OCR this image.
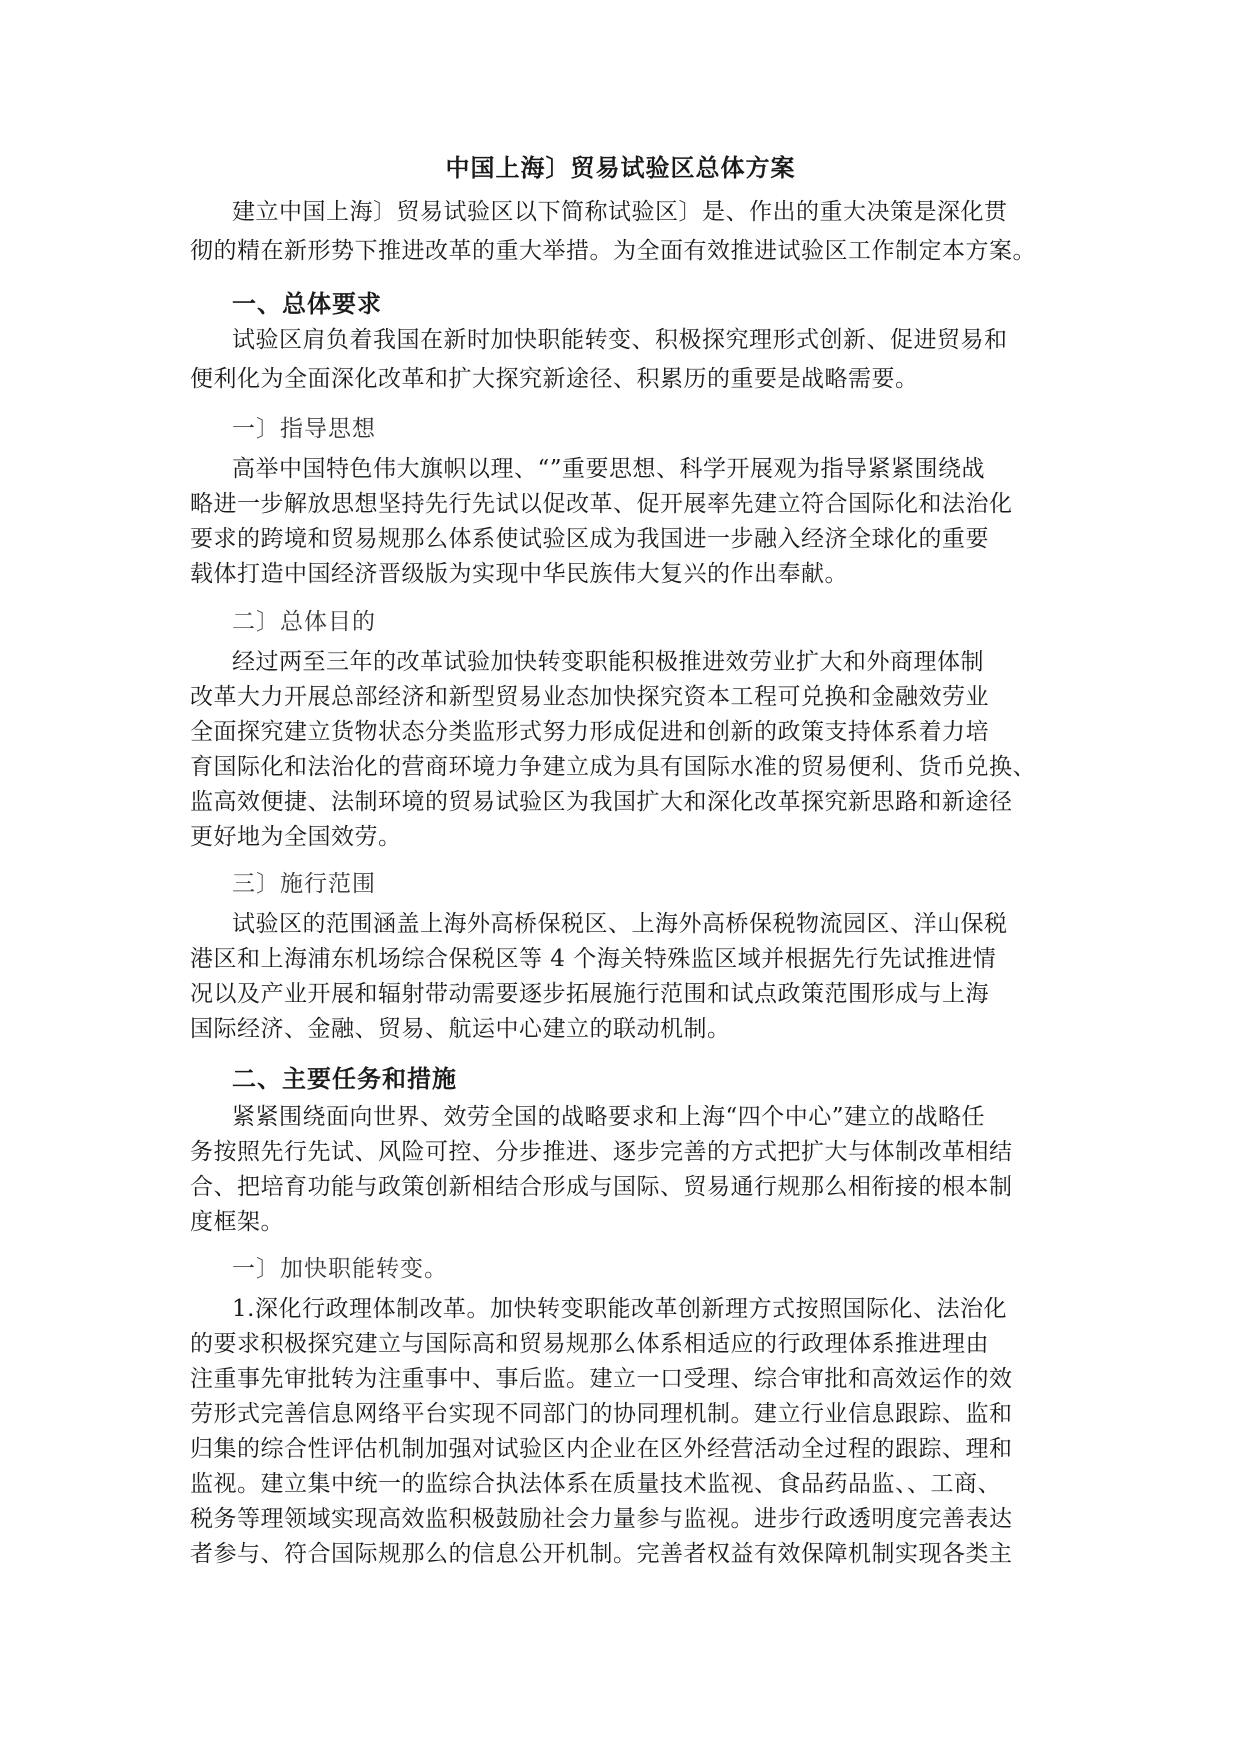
中国上海〕贸易试验区总体方案
建立中国上海〕贸易试验区以下简称试验区〕是、作出的重大决策是深化贯
彻的精在新形势下推进改革的重大举措。为全面有效推进试验区工作制定本方案。
一、总体要求
试验区肩负着我国在新时加快职能转变、积极探究理形式创新、促进贸易和
便利化为全面深化改革和扩大探究新途径、积累历的重要是战略需要。
一〕指导思想
高举中国特色伟大旗帜以理、“”重要思想、科学开展观为指导紧紧围绕战
略进一步解放思想坚持先行先试以促改革、促开展率先建立符合国际化和法治化
要求的跨境和贸易规那么体系使试验区成为我国进一步融入经济全球化的重要
载体打造中国经济晋级版为实现中华民族伟大复兴的作出奉献。
二〕总体目的
经过两至三年的改革试验加快转变职能积极推进效劳业扩大和外商理体制
改革大力开展总部经济和新型贸易业态加快探究资本工程可兑换和金融效劳业
全面探究建立货物状态分类监形式努力形成促进和创新的政策支持体系着力培
育国际化和法治化的营商环境力争建立成为具有国际水准的贸易便利、货币兑换、
监高效便捷、法制环境的贸易试验区为我国扩大和深化改革探究新思路和新途径
更好地为全国效劳。
三〕施行范围
试验区的范围涵盖上海外高桥保税区、上海外高桥保税物流园区、洋山保税
港区和上海浦东机场综合保税区等 4 个海关特殊监区域并根据先行先试推进情
况以及产业开展和辐射带动需要逐步拓展施行范围和试点政策范围形成与上海
国际经济、金融、贸易、航运中心建立的联动机制。
二、主要任务和措施
紧紧围绕面向世界、效劳全国的战略要求和上海“四个中心”建立的战略任
务按照先行先试、风险可控、分步推进、逐步完善的方式把扩大与体制改革相结
合、把培育功能与政策创新相结合形成与国际、贸易通行规那么相衔接的根本制
度框架。
一〕加快职能转变。
1.深化行政理体制改革。加快转变职能改革创新理方式按照国际化、法治化
的要求积极探究建立与国际高和贸易规那么体系相适应的行政理体系推进理由
注重事先审批转为注重事中、事后监。建立一口受理、综合审批和高效运作的效
劳形式完善信息网络平台实现不同部门的协同理机制。建立行业信息跟踪、监和
归集的综合性评估机制加强对试验区内企业在区外经营活动全过程的跟踪、理和
监视。建立集中统一的监综合执法体系在质量技术监视、食品药品监、、工商、
税务等理领域实现高效监积极鼓励社会力量参与监视。进步行政透明度完善表达
者参与、符合国际规那么的信息公开机制。完善者权益有效保障机制实现各类主
